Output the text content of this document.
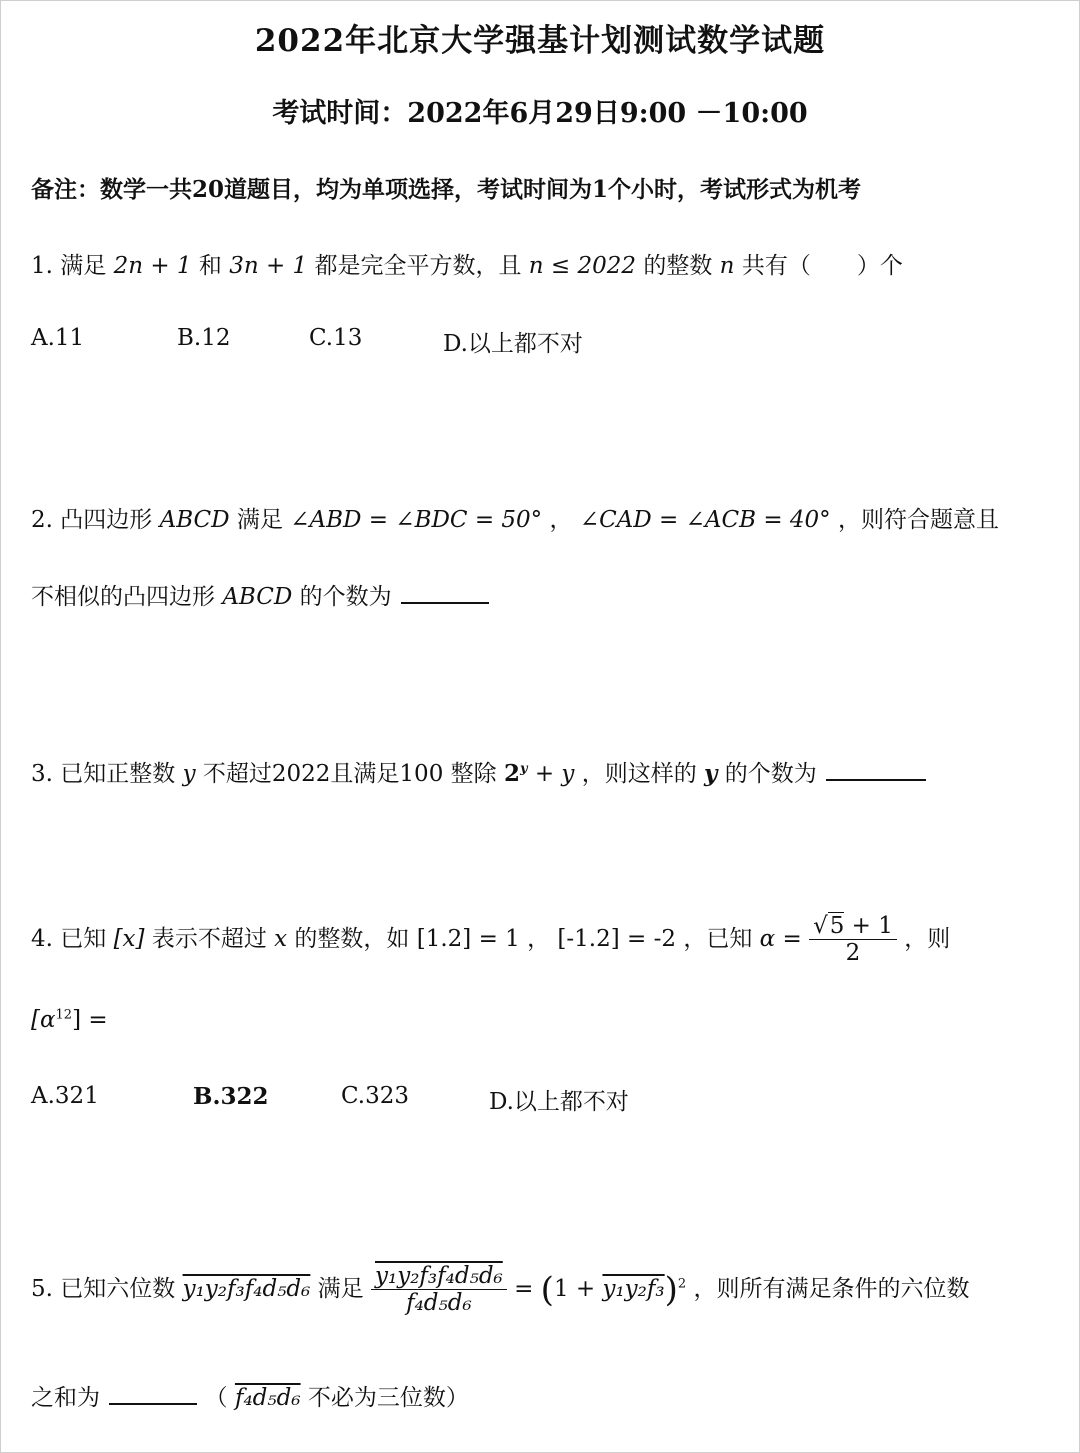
2022年北京大学强基计划测试数学试题
考试时间：2022年6月29日9:00 －10:00
备注：数学一共20道题目，均为单项选择，考试时间为1个小时，考试形式为机考
1. 满足 2n + 1 和 3n + 1 都是完全平方数，且 n ≤ 2022 的整数 n 共有（　　）个
A.11	B.12	C.13	D.以上都不对
2. 凸四边形 ABCD 满足 ∠ABD = ∠BDC = 50° ， ∠CAD = ∠ACB = 40° ，则符合题意且
不相似的凸四边形 ABCD 的个数为
3. 已知正整数 y 不超过2022且满足100 整除 $2^y + y$ ，则这样的 y 的个数为
4. 已知 [x] 表示不超过 x 的整数，如 [1.2] = 1 ， [-1.2] = -2 ，已知 $\alpha = \frac{√5 + 1}{2}$ ，则
$[\alpha^{12}]$ =
A.321	B.322	C.323	D.以上都不对
5. 已知六位数 y₁y₂f₃f₄d₅d₆ 满足 $\frac{\text{y₁y₂f₃f₄d₅d₆}}{\text{f₄d₅d₆}} = (1 + y_1y_2f_3)^2$ ，则所有满足条件的六位数
之和为	（ f₄d₅d₆ 不必为三位数）
